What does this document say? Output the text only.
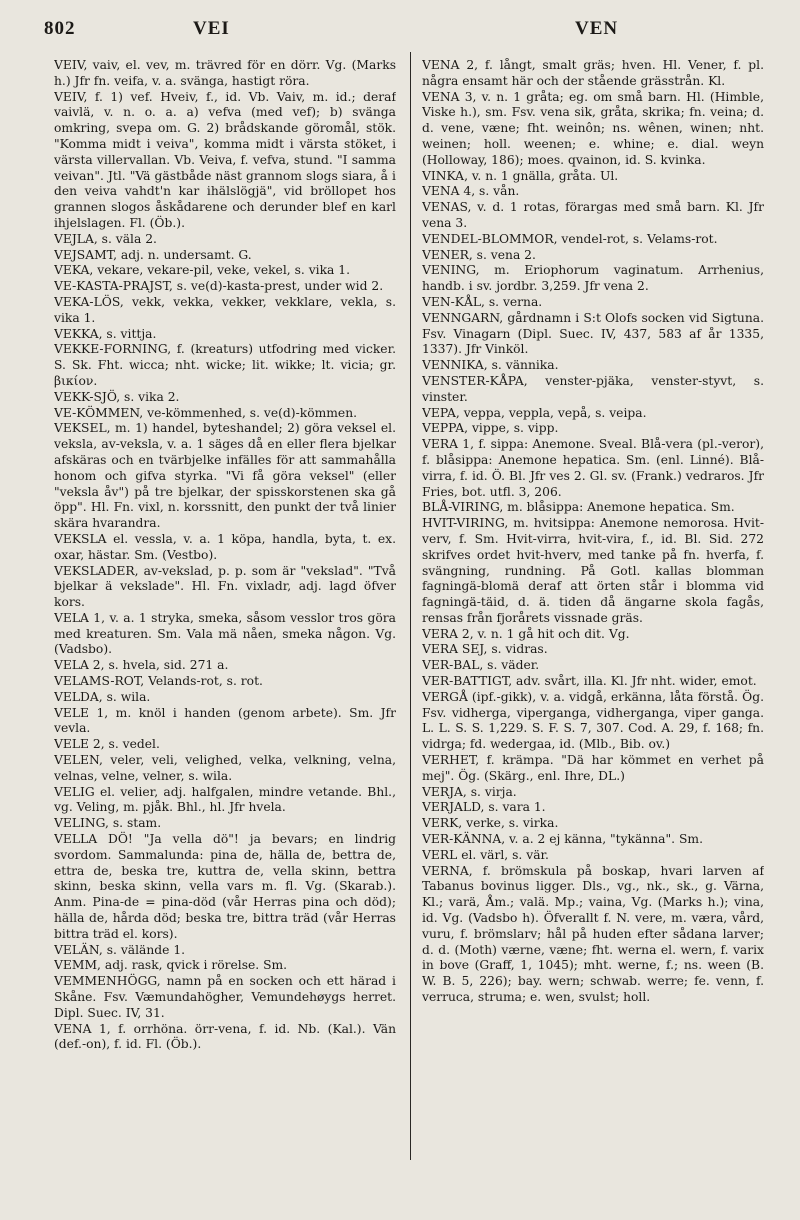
802	VEI	VEN
VEIV, vaiv, el. vev, m. trävred för en dörr. Vg. (Marks h.) Jfr fn. veifa, v. a. svänga, hastigt röra.
VEIV, f. 1) vef. Hveiv, f., id. Vb. Vaiv, m. id.; deraf vaivlä, v. n. o. a. a) vefva (med vef); b) svänga omkring, svepa om. G. 2) brådskande göromål, stök. "Komma midt i veiva", komma midt i värsta stöket, i värsta villervallan. Vb. Veiva, f. vefva, stund. "I samma veivan". Jtl. "Vä gästbåde näst grannom slogs siara, å i den veiva vahdt'n kar ihälslögjä", vid bröllopet hos grannen slogos åskådarene och derunder blef en karl ihjelslagen. Fl. (Öb.).
VEJLA, s. väla 2.
VEJSAMT, adj. n. undersamt. G.
VEKA, vekare, vekare-pil, veke, vekel, s. vika 1.
VE-KASTA-PRAJST, s. ve(d)-kasta-prest, under wid 2.
VEKA-LÖS, vekk, vekka, vekker, vekklare, vekla, s. vika 1.
VEKKA, s. vittja.
VEKKE-FORNING, f. (kreaturs) utfodring med vicker. S. Sk. Fht. wicca; nht. wicke; lit. wikke; lt. vicia; gr. βικίον.
VEKK-SJÖ, s. vika 2.
VE-KÖMMEN, ve-kömmenhed, s. ve(d)-kömmen.
VEKSEL, m. 1) handel, byteshandel; 2) göra veksel el. veksla, av-veksla, v. a. 1 säges då en eller flera bjelkar afskäras och en tvärbjelke infälles för att sammahålla honom och gifva styrka. "Vi få göra veksel" (eller "veksla åv") på tre bjelkar, der spisskorstenen ska gå öpp". Hl. Fn. vixl, n. korssnitt, den punkt der två linier skära hvarandra.
VEKSLA el. vessla, v. a. 1 köpa, handla, byta, t. ex. oxar, hästar. Sm. (Vestbo).
VEKSLADER, av-vekslad, p. p. som är "vekslad". "Två bjelkar ä vekslade". Hl. Fn. vixladr, adj. lagd öfver kors.
VELA 1, v. a. 1 stryka, smeka, såsom vesslor tros göra med kreaturen. Sm. Vala mä nåen, smeka någon. Vg. (Vadsbo).
VELA 2, s. hvela, sid. 271 a.
VELAMS-ROT, Velands-rot, s. rot.
VELDA, s. wila.
VELE 1, m. knöl i handen (genom arbete). Sm. Jfr vevla.
VELE 2, s. vedel.
VELEN, veler, veli, velighed, velka, velkning, velna, velnas, velne, velner, s. wila.
VELIG el. velier, adj. halfgalen, mindre vetande. Bhl., vg. Veling, m. pjåk. Bhl., hl. Jfr hvela.
VELING, s. stam.
VELLA DÖ! "Ja vella dö"! ja bevars; en lindrig svordom. Sammalunda: pina de, hälla de, bettra de, ettra de, beska tre, kuttra de, vella skinn, bettra skinn, beska skinn, vella vars m. fl. Vg. (Skarab.). Anm. Pina-de = pina-död (vår Herras pina och död); hälla de, hårda död; beska tre, bittra träd (vår Herras bittra träd el. kors).
VELÄN, s. väländе 1.
VEMM, adj. rask, qvick i rörelse. Sm.
VEMMENHÖGG, namn på en socken och ett härad i Skåne. Fsv. Væmundahögher, Vemundehøygs herret. Dipl. Suec. IV, 31.
VENA 1, f. orrhöna. örr-vena, f. id. Nb. (Kal.). Vän (def.-on), f. id. Fl. (Öb.).
VENA 2, f. långt, smalt gräs; hven. Hl. Vener, f. pl. några ensamt här och der stående grässtrån. Kl.
VENA 3, v. n. 1 gråta; eg. om små barn. Hl. (Himble, Viske h.), sm. Fsv. vena sik, gråta, skrika; fn. veina; d. d. vene, væne; fht. weinôn; ns. wênen, winen; nht. weinen; holl. weenen; e. whine; e. dial. weyn (Holloway, 186); moes. qvainon, id. S. kvinka.
VINKA, v. n. 1 gnälla, gråta. Ul.
VENA 4, s. vån.
VENAS, v. d. 1 rotas, förargas med små barn. Kl. Jfr vena 3.
VENDEL-BLOMMOR, vendel-rot, s. Velams-rot.
VENER, s. vena 2.
VENING, m. Eriophorum vaginatum. Arrhenius, handb. i sv. jordbr. 3,259. Jfr vena 2.
VEN-KÅL, s. verna.
VENNGARN, gårdnamn i S:t Olofs socken vid Sigtuna. Fsv. Vinagarn (Dipl. Suec. IV, 437, 583 af år 1335, 1337). Jfr Vinköl.
VENNIKA, s. vännika.
VENSTER-KÅPA, venster-pjäka, venster-styvt, s. vinster.
VEPA, veppa, veppla, vepå, s. veipa.
VEPPA, vippe, s. vipp.
VERA 1, f. sippa: Anemone. Sveal. Blå-vera (pl.-veror), f. blåsippa: Anemone hepatica. Sm. (enl. Linné). Blå-virra, f. id. Ö. Bl. Jfr ves 2. Gl. sv. (Frank.) vedraros. Jfr Fries, bot. utfl. 3, 206.
BLÅ-VIRING, m. blåsippa: Anemone hepatica. Sm.
HVIT-VIRING, m. hvitsippa: Anemone nemorosa. Hvit-verv, f. Sm. Hvit-virra, hvit-vira, f., id. Bl. Sid. 272 skrifves ordet hvit-hverv, med tanke på fn. hverfa, f. svängning, rundning. På Gotl. kallas blomman fagningä-blomä deraf att örten står i blomma vid fagningä-täid, d. ä. tiden då ängarne skola fagås, rensas från fjorårets vissnade gräs.
VERA 2, v. n. 1 gå hit och dit. Vg.
VERA SEJ, s. vidras.
VER-BAL, s. väder.
VER-BATTIGT, adv. svårt, illa. Kl. Jfr nht. wider, emot.
VERGÅ (ipf.-gikk), v. a. vidgå, erkänna, låta förstå. Ög. Fsv. vidherga, viperganga, vidherganga, viper ganga. L. L. S. S. 1,229. S. F. S. 7, 307. Cod. A. 29, f. 168; fn. vidrga; fd. wedergaa, id. (Mlb., Bib. ov.)
VERHET, f. krämpa. "Dä har kömmet en verhet på mej". Ög. (Skärg., enl. Ihre, DL.)
VERJA, s. virja.
VERJALD, s. vara 1.
VERK, verke, s. virka.
VER-KÄNNA, v. a. 2 ej känna, "tykänna". Sm.
VERL el. värl, s. vär.
VERNA, f. brömskula på boskap, hvari larven af Tabanus bovinus ligger. Dls., vg., nk., sk., g. Värna, Kl.; varä, Åm.; valä. Mp.; vaina, Vg. (Marks h.); vina, id. Vg. (Vadsbo h). Öfverallt f. N. vere, m. væra, vård, vuru, f. brömslarv; hål på huden efter sådana larver; d. d. (Moth) værne, væne; fht. werna el. wern, f. varix in bove (Graff, 1, 1045); mht. werne, f.; ns. ween (B. W. B. 5, 226); bay. wern; schwab. werre; fe. venn, f. verruca, struma; e. wen, svulst; holl.
